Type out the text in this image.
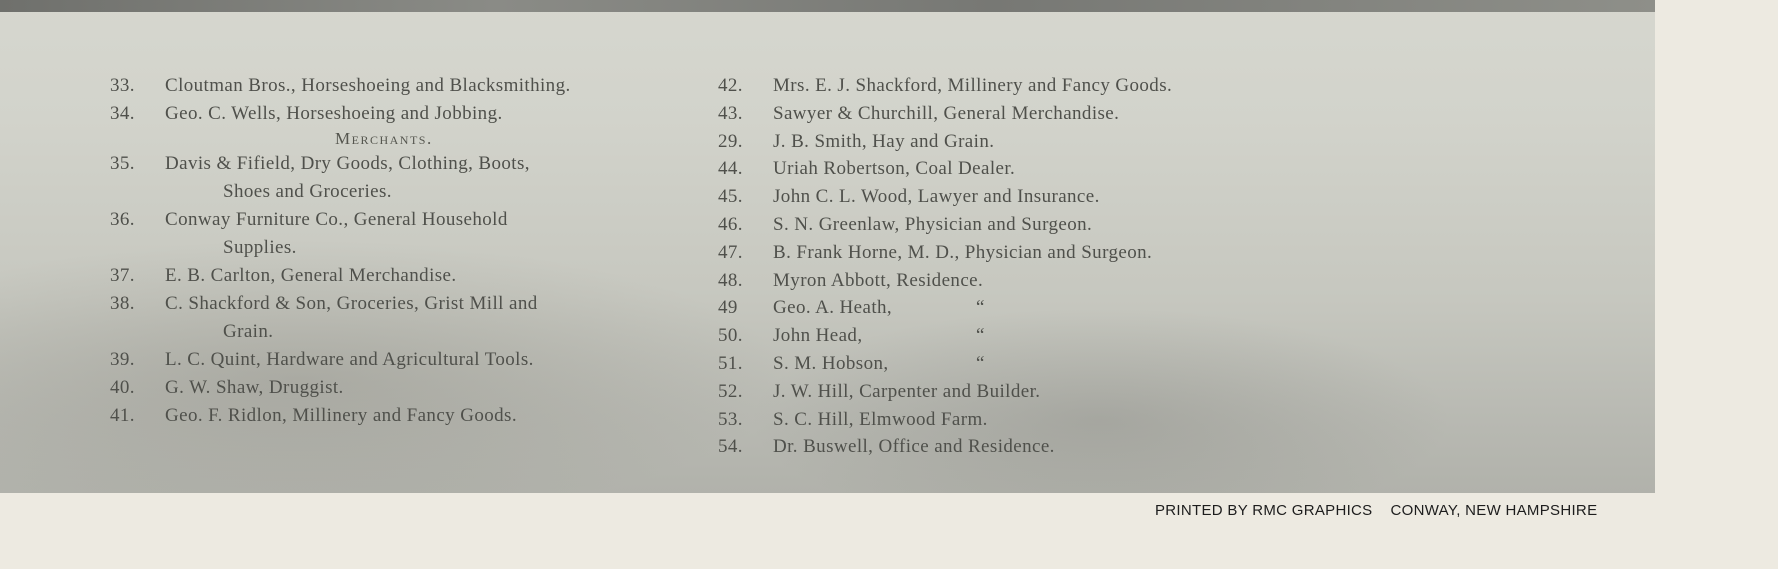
33.	Cloutman Bros., Horseshoeing and Blacksmithing.
34.	Geo. C. Wells, Horseshoeing and Jobbing.
Merchants.
35.	Davis & Fifield, Dry Goods, Clothing, Boots,
Shoes and Groceries.
36.	Conway Furniture Co., General Household
Supplies.
37.	E. B. Carlton, General Merchandise.
38.	C. Shackford & Son, Groceries, Grist Mill and
Grain.
39.	L. C. Quint, Hardware and Agricultural Tools.
40.	G. W. Shaw, Druggist.
41.	Geo. F. Ridlon, Millinery and Fancy Goods.
42.	Mrs. E. J. Shackford, Millinery and Fancy Goods.
43.	Sawyer & Churchill, General Merchandise.
29.	J. B. Smith, Hay and Grain.
44.	Uriah Robertson, Coal Dealer.
45.	John C. L. Wood, Lawyer and Insurance.
46.	S. N. Greenlaw, Physician and Surgeon.
47.	B. Frank Horne, M. D., Physician and Surgeon.
48.	Myron Abbott, Residence.
49	Geo. A. Heath,	“
50.	John Head,	“
51.	S. M. Hobson,	“
52.	J. W. Hill, Carpenter and Builder.
53.	S. C. Hill, Elmwood Farm.
54.	Dr. Buswell, Office and Residence.
PRINTED BY RMC GRAPHICS CONWAY, NEW HAMPSHIRE
